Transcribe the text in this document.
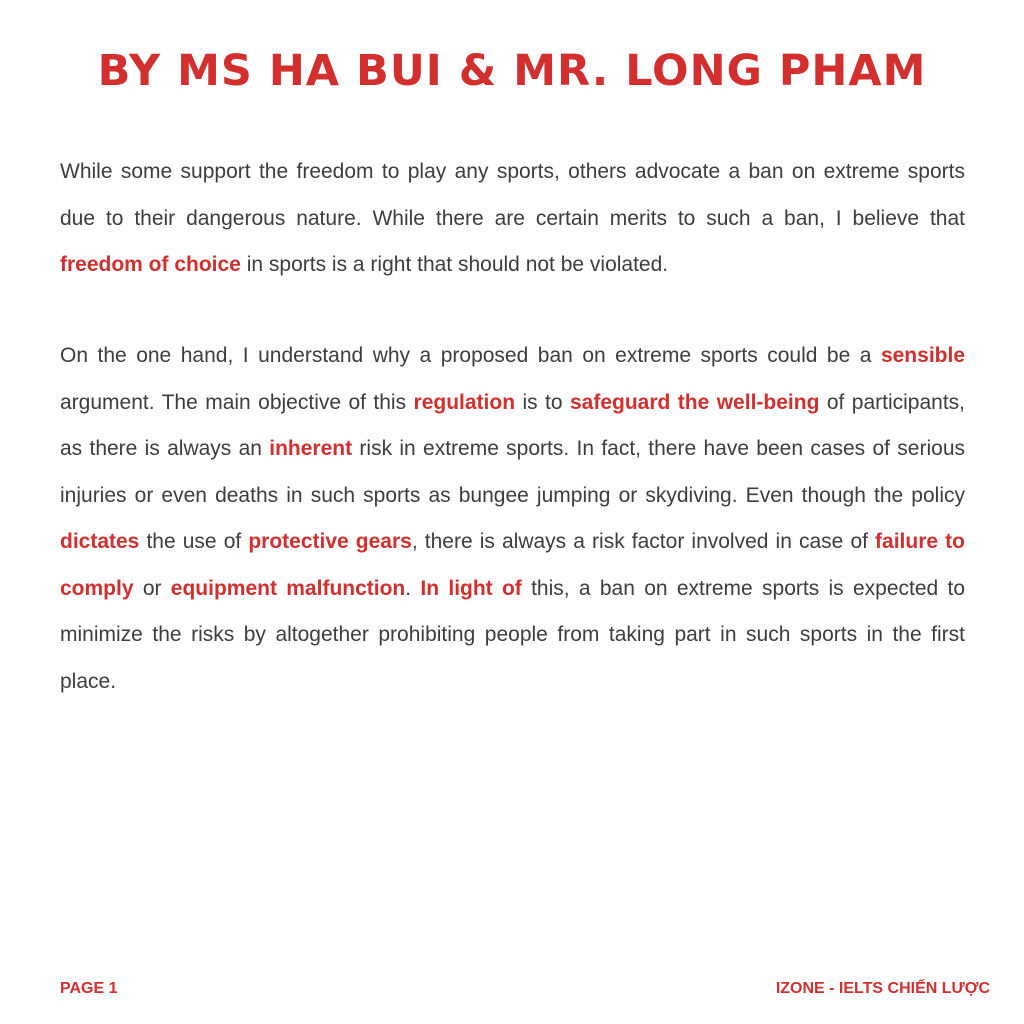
BY MS HA BUI & MR. LONG PHAM

While some support the freedom to play any sports, others advocate a ban on extreme sports due to their dangerous nature. While there are certain merits to such a ban, I believe that freedom of choice in sports is a right that should not be violated.

On the one hand, I understand why a proposed ban on extreme sports could be a sensible argument. The main objective of this regulation is to safeguard the well-being of participants, as there is always an inherent risk in extreme sports. In fact, there have been cases of serious injuries or even deaths in such sports as bungee jumping or skydiving. Even though the policy dictates the use of protective gears, there is always a risk factor involved in case of failure to comply or equipment malfunction. In light of this, a ban on extreme sports is expected to minimize the risks by altogether prohibiting people from taking part in such sports in the first place.

PAGE 1	IZONE - IELTS CHIẾN LƯỢC
